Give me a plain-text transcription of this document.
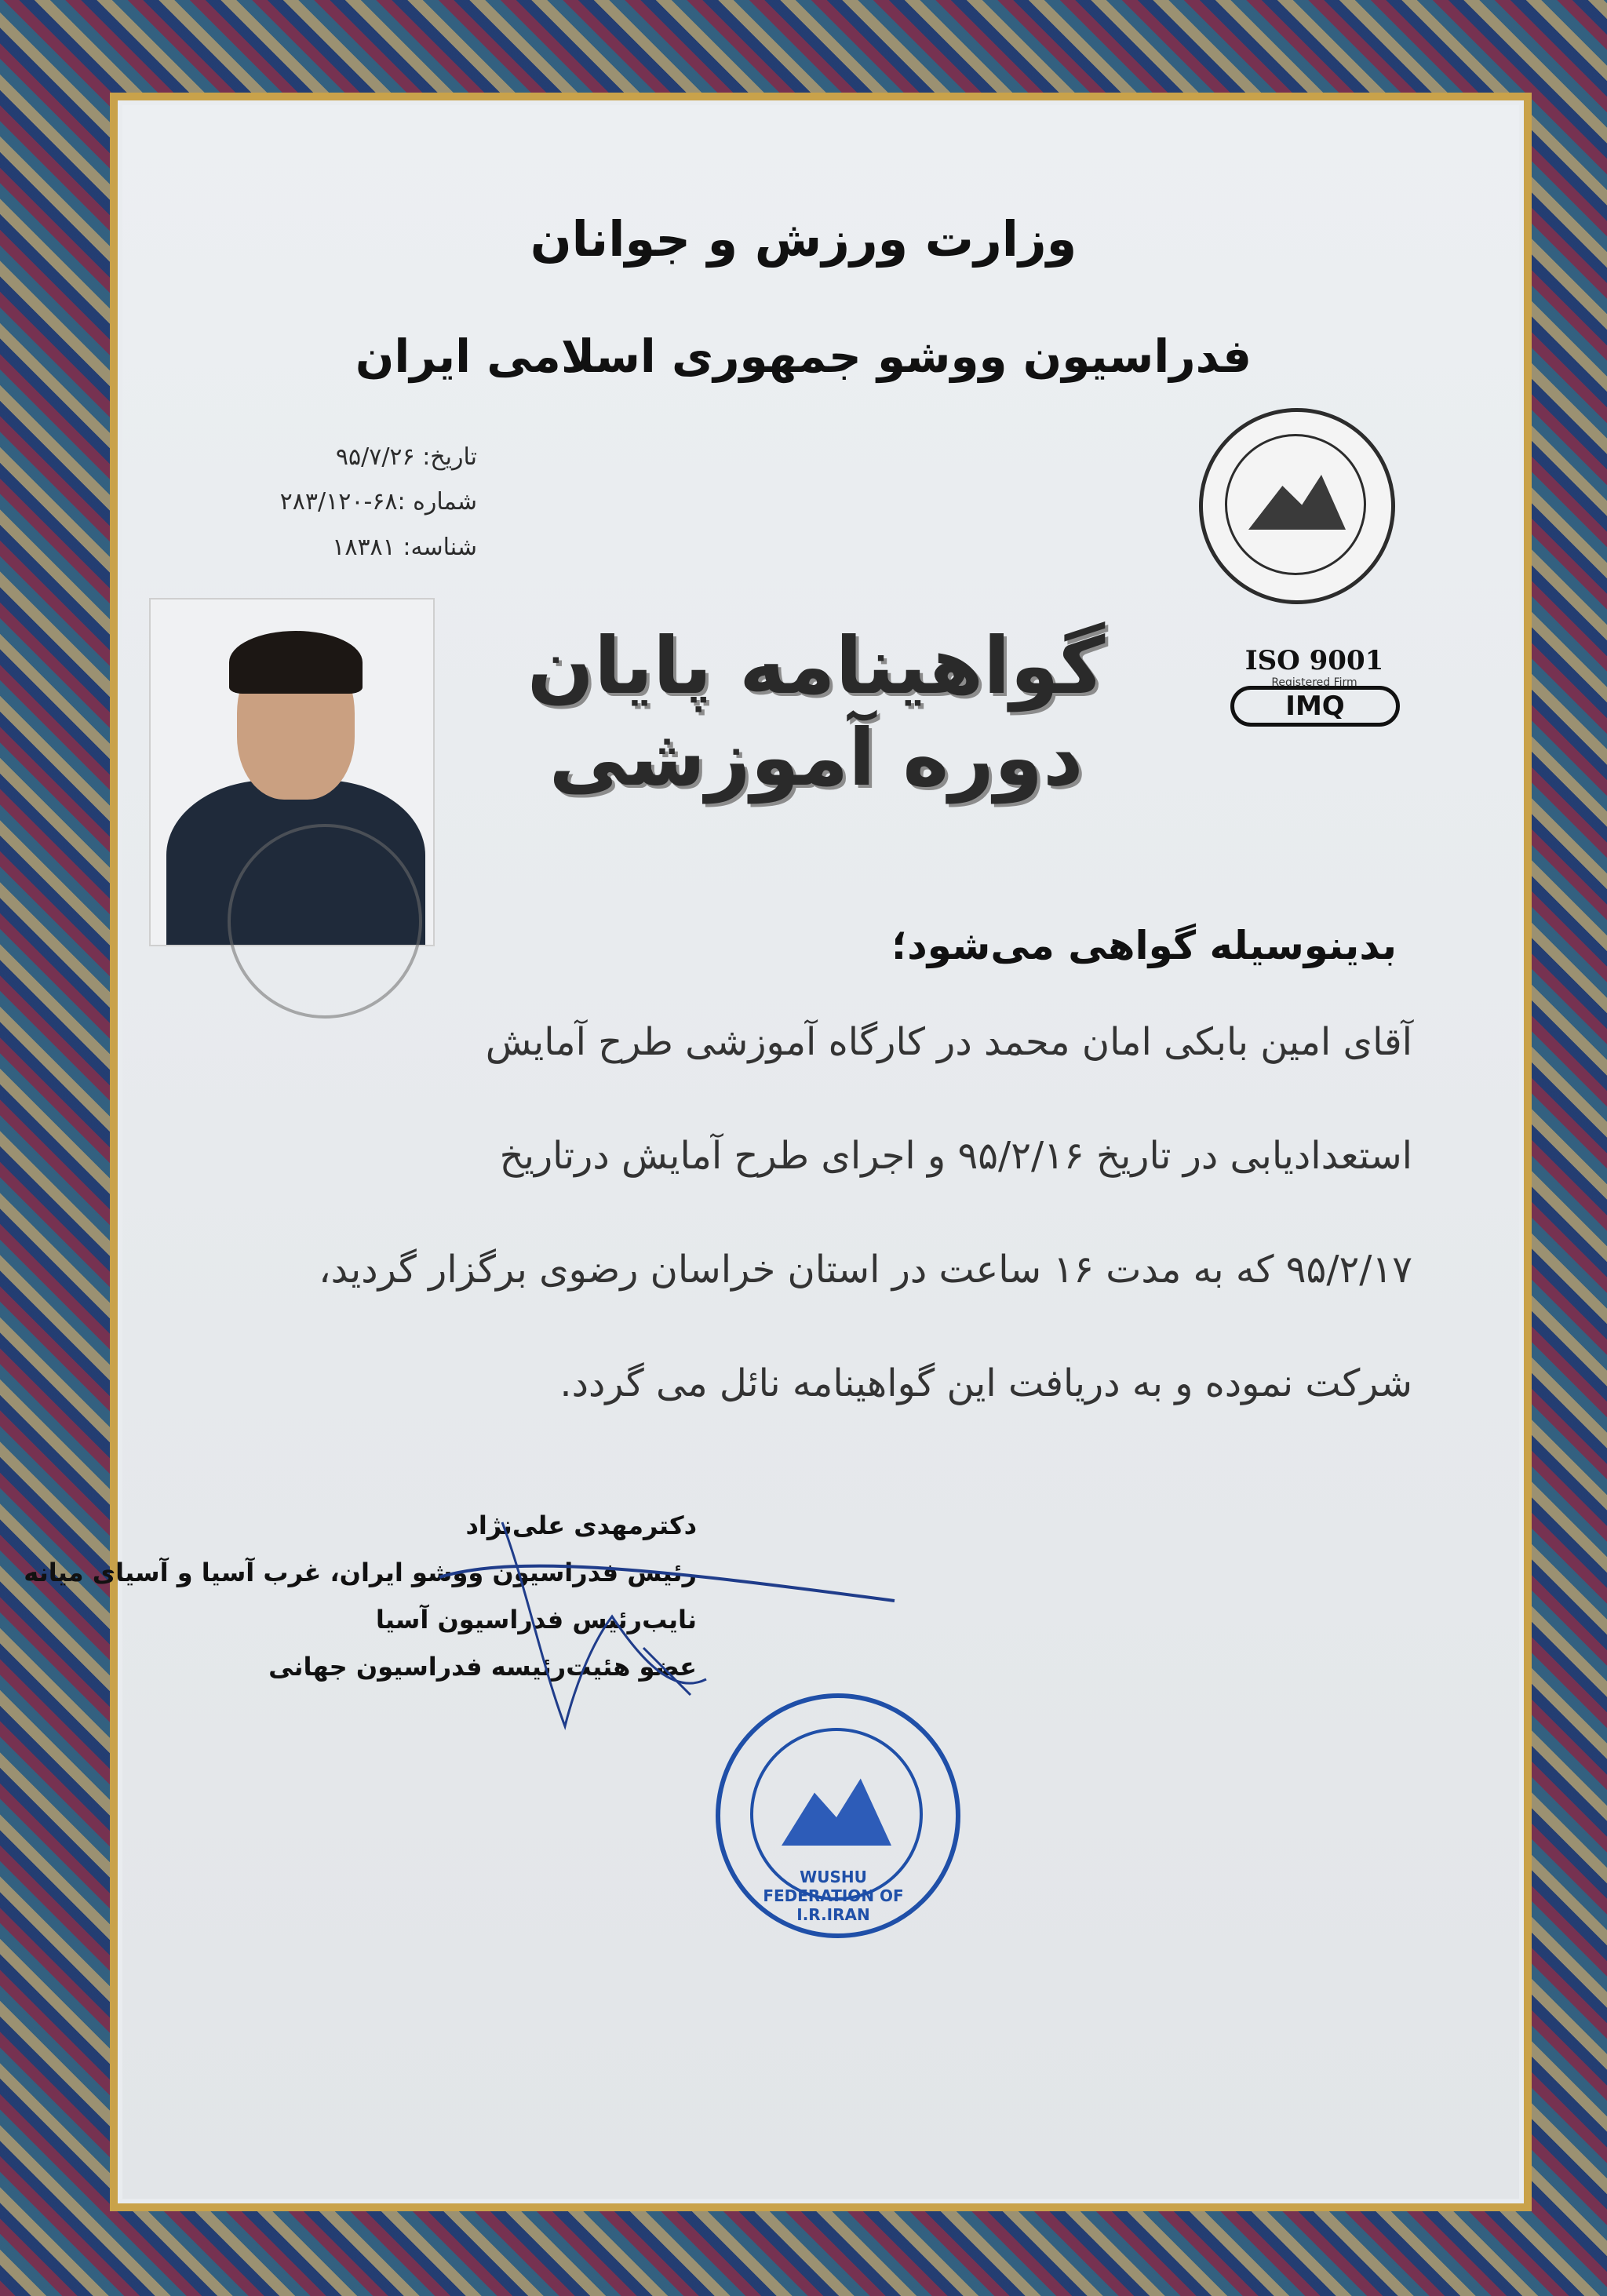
وزارت ورزش و جوانان
فدراسیون ووشو جمهوری اسلامی ایران
تاریخ: ۹۵/۷/۲۶
شماره :۶۸-۲۸۳/۱۲۰
شناسه: ۱۸۳۸۱
گواهینامه پایان دوره آموزشی
ISO 9001
Registered Firm
IMQ
بدینوسیله گواهی می‌شود؛
آقای امین بابکی امان محمد در کارگاه آموزشی طرح آمایش
استعدادیابی در تاریخ ۹۵/۲/۱۶ و اجرای طرح آمایش درتاریخ
۹۵/۲/۱۷ که به مدت ۱۶ ساعت در استان خراسان رضوی برگزار گردید،
شرکت نموده و به دریافت این گواهینامه نائل می گردد.
دکترمهدی علی‌نژاد
رئیس فدراسیون ووشو ایران، غرب آسیا و آسیای میانه
نایب‌رئیس فدراسیون آسیا
عضو هئیت‌رئیسه فدراسیون جهانی
WUSHU FEDERATION OF I.R.IRAN
